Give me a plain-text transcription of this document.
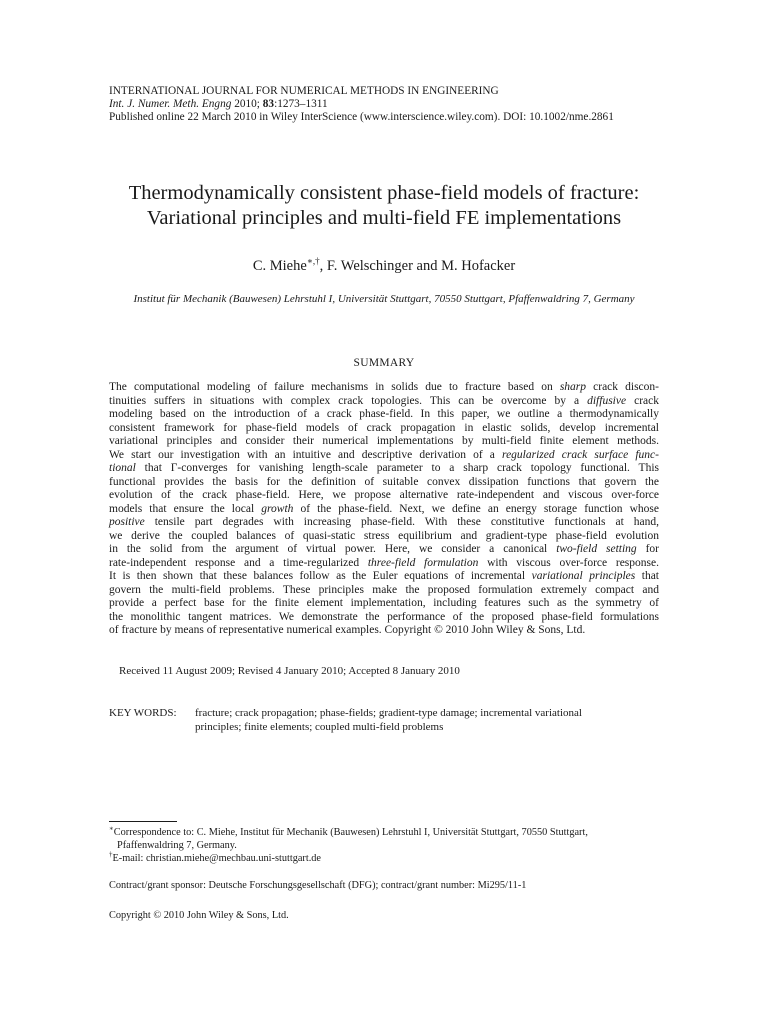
INTERNATIONAL JOURNAL FOR NUMERICAL METHODS IN ENGINEERING
Int. J. Numer. Meth. Engng 2010; 83:1273–1311
Published online 22 March 2010 in Wiley InterScience (www.interscience.wiley.com). DOI: 10.1002/nme.2861
Thermodynamically consistent phase-field models of fracture:
Variational principles and multi-field FE implementations
C. Miehe∗,†, F. Welschinger and M. Hofacker
Institut für Mechanik (Bauwesen) Lehrstuhl I, Universität Stuttgart, 70550 Stuttgart, Pfaffenwaldring 7, Germany
SUMMARY
The computational modeling of failure mechanisms in solids due to fracture based on sharp crack discon-
tinuities suffers in situations with complex crack topologies. This can be overcome by a diffusive crack
modeling based on the introduction of a crack phase-field. In this paper, we outline a thermodynamically
consistent framework for phase-field models of crack propagation in elastic solids, develop incremental
variational principles and consider their numerical implementations by multi-field finite element methods.
We start our investigation with an intuitive and descriptive derivation of a regularized crack surface func-
tional that Γ-converges for vanishing length-scale parameter to a sharp crack topology functional. This
functional provides the basis for the definition of suitable convex dissipation functions that govern the
evolution of the crack phase-field. Here, we propose alternative rate-independent and viscous over-force
models that ensure the local growth of the phase-field. Next, we define an energy storage function whose
positive tensile part degrades with increasing phase-field. With these constitutive functionals at hand,
we derive the coupled balances of quasi-static stress equilibrium and gradient-type phase-field evolution
in the solid from the argument of virtual power. Here, we consider a canonical two-field setting for
rate-independent response and a time-regularized three-field formulation with viscous over-force response.
It is then shown that these balances follow as the Euler equations of incremental variational principles that
govern the multi-field problems. These principles make the proposed formulation extremely compact and
provide a perfect base for the finite element implementation, including features such as the symmetry of
the monolithic tangent matrices. We demonstrate the performance of the proposed phase-field formulations
of fracture by means of representative numerical examples. Copyright © 2010 John Wiley & Sons, Ltd.
Received 11 August 2009; Revised 4 January 2010; Accepted 8 January 2010
KEY WORDS:	fracture; crack propagation; phase-fields; gradient-type damage; incremental variational
principles; finite elements; coupled multi-field problems
∗Correspondence to: C. Miehe, Institut für Mechanik (Bauwesen) Lehrstuhl I, Universität Stuttgart, 70550 Stuttgart,
Pfaffenwaldring 7, Germany.
†E-mail: christian.miehe@mechbau.uni-stuttgart.de
Contract/grant sponsor: Deutsche Forschungsgesellschaft (DFG); contract/grant number: Mi295/11-1
Copyright © 2010 John Wiley & Sons, Ltd.
